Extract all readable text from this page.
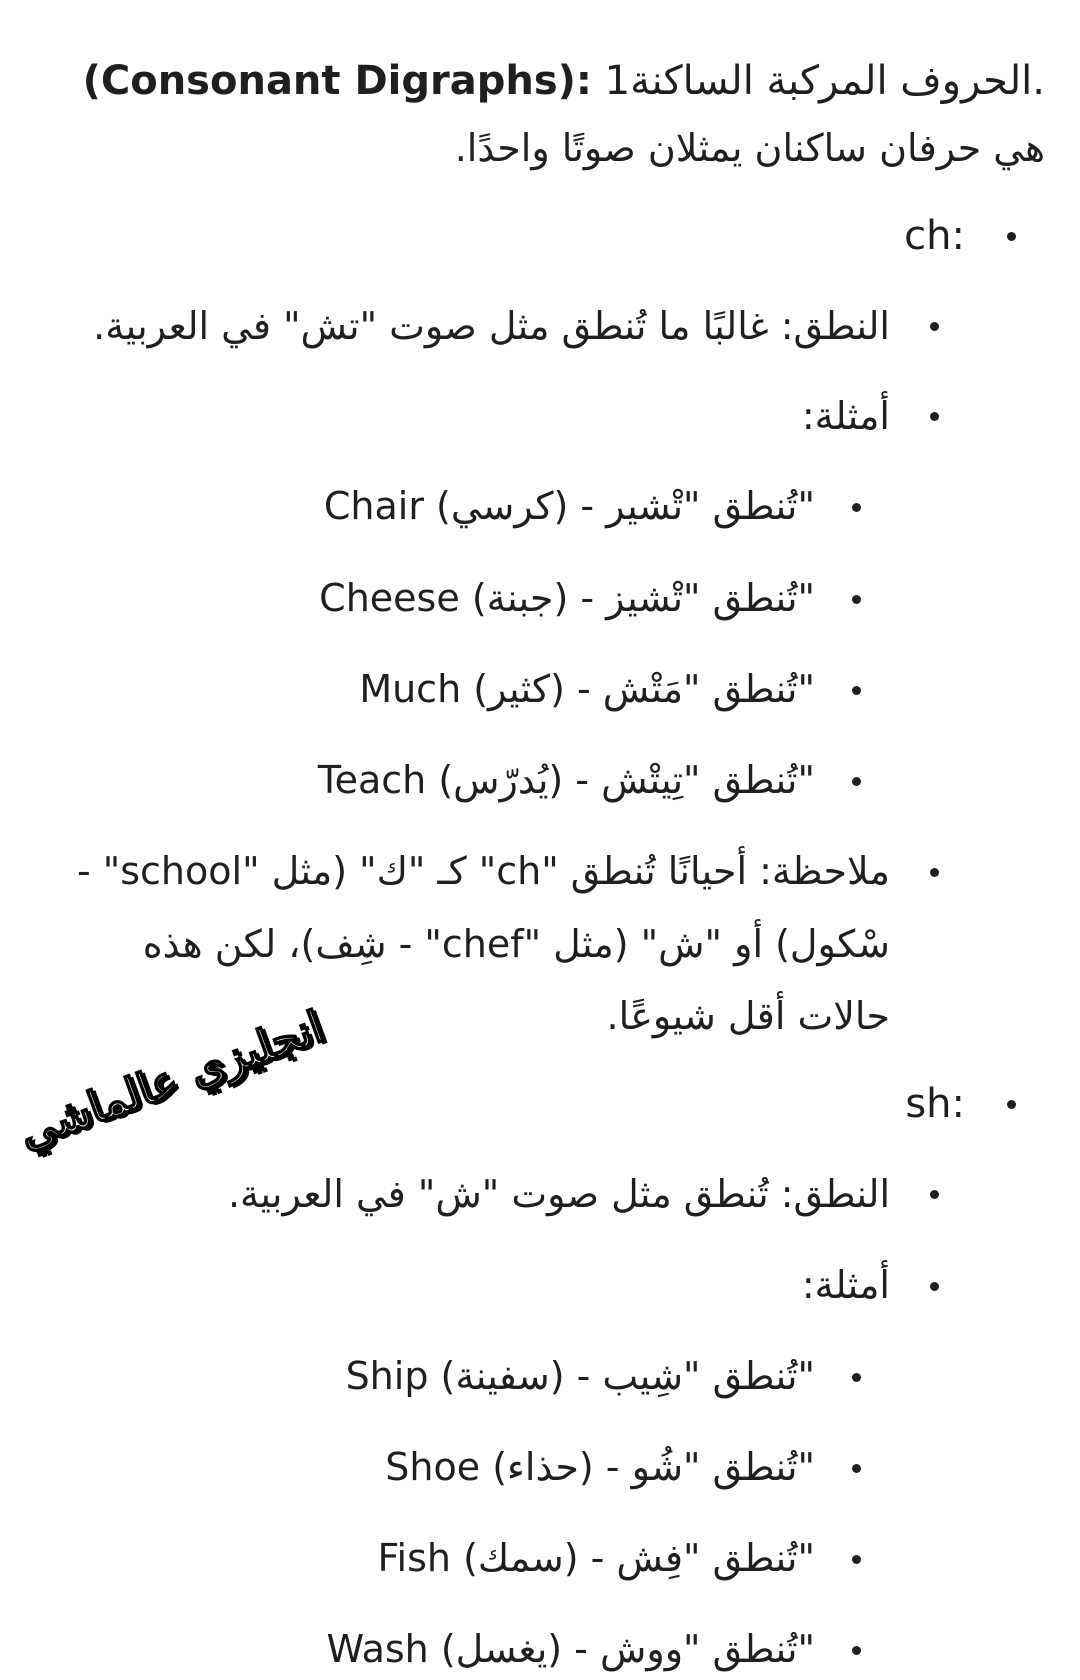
(Consonant Digraphs): الحروف المركبة الساكنة1.
هي حرفان ساكنان يمثلان صوتًا واحدًا.
ch:
النطق: غالبًا ما تُنطق مثل صوت "تش" في العربية.
أمثلة:
Chair "تُنطق "تْشير - (كرسي)
Cheese "تُنطق "تْشيز - (جبنة)
Much "تُنطق "مَتْش - (كثير)
Teach "تُنطق "تِيتْش - (يُدرّس)
ملاحظة: أحيانًا تُنطق "ch" كـ "ك" (مثل "school" -
سْكول) أو "ش" (مثل "chef" - شِف)، لكن هذه
حالات أقل شيوعًا.
انجليزي عالماشي	sh:
النطق: تُنطق مثل صوت "ش" في العربية.
أمثلة:
Ship "تُنطق "شِيب - (سفينة)
Shoe "تُنطق "شُو - (حذاء)
Fish "تُنطق "فِش - (سمك)
Wash "تُنطق "ووش - (يغسل)
